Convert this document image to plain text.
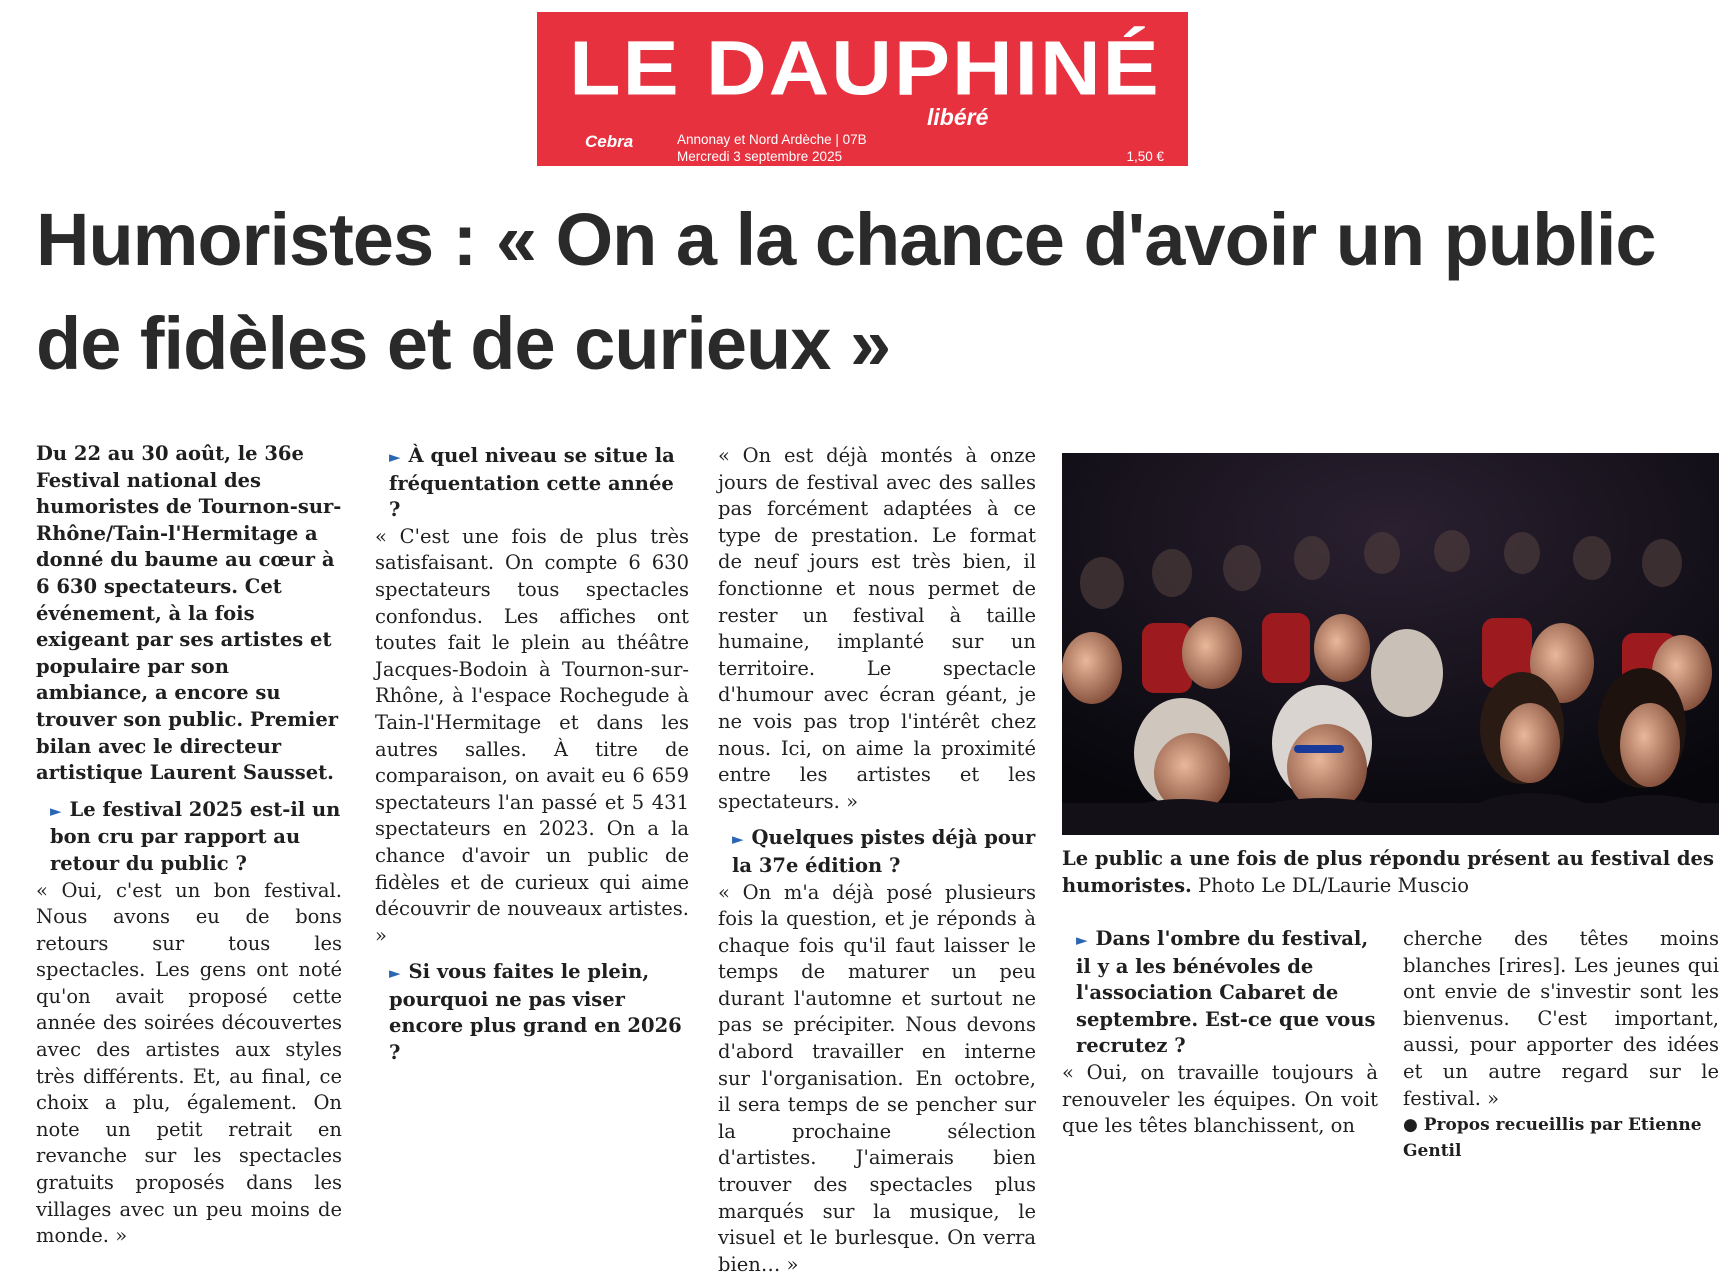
LE DAUPHINÉ
libéré
Cebra	Annonay et Nord Ardèche | 07B
Mercredi 3 septembre 2025	1,50 €
Humoristes : « On a la chance d'avoir un public de fidèles et de curieux »

Du 22 au 30 août, le 36e Festival national des humoristes de Tournon-sur-Rhône/Tain-l'Hermitage a donné du baume au cœur à 6 630 spectateurs. Cet événement, à la fois exigeant par ses artistes et populaire par son ambiance, a encore su trouver son public. Premier bilan avec le directeur artistique Laurent Sausset.

► Le festival 2025 est-il un bon cru par rapport au retour du public ?

« Oui, c'est un bon festival. Nous avons eu de bons retours sur tous les spectacles. Les gens ont noté qu'on avait proposé cette année des soirées découvertes avec des artistes aux styles très différents. Et, au final, ce choix a plu, également. On note un petit retrait en revanche sur les spectacles gratuits proposés dans les villages avec un peu moins de monde. »

► À quel niveau se situe la fréquentation cette année ?

« C'est une fois de plus très satisfaisant. On compte 6 630 spectateurs tous spectacles confondus. Les affiches ont toutes fait le plein au théâtre Jacques-Bodoin à Tournon-sur-Rhône, à l'espace Rochegude à Tain-l'Hermitage et dans les autres salles. À titre de comparaison, on avait eu 6 659 spectateurs l'an passé et 5 431 spectateurs en 2023. On a la chance d'avoir un public de fidèles et de curieux qui aime découvrir de nouveaux artistes. »

► Si vous faites le plein, pourquoi ne pas viser encore plus grand en 2026 ?

« On est déjà montés à onze jours de festival avec des salles pas forcément adaptées à ce type de prestation. Le format de neuf jours est très bien, il fonctionne et nous permet de rester un festival à taille humaine, implanté sur un territoire. Le spectacle d'humour avec écran géant, je ne vois pas trop l'intérêt chez nous. Ici, on aime la proximité entre les artistes et les spectateurs. »

► Quelques pistes déjà pour la 37e édition ?

« On m'a déjà posé plusieurs fois la question, et je réponds à chaque fois qu'il faut laisser le temps de maturer un peu durant l'automne et surtout ne pas se précipiter. Nous devons d'abord travailler en interne sur l'organisation. En octobre, il sera temps de se pencher sur la prochaine sélection d'artistes. J'aimerais bien trouver des spectacles plus marqués sur la musique, le visuel et le burlesque. On verra bien… »

Le public a une fois de plus répondu présent au festival des humoristes. Photo Le DL/Laurie Muscio

► Dans l'ombre du festival, il y a les bénévoles de l'association Cabaret de septembre. Est-ce que vous recrutez ?

« Oui, on travaille toujours à renouveler les équipes. On voit que les têtes blanchissent, on

cherche des têtes moins blanches [rires]. Les jeunes qui ont envie de s'investir sont les bienvenus. C'est important, aussi, pour apporter des idées et un autre regard sur le festival. »

● Propos recueillis par Etienne Gentil
